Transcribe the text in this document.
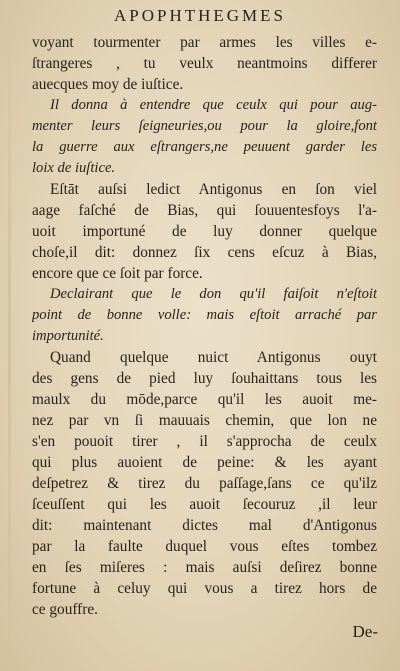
APOPHTHEGMES
voyant tourmenter par armes les villes e-
ſtrangeres , tu veulx neantmoins differer
auecques moy de iuſtice.
Il donna à entendre que ceulx qui pour aug-
menter leurs ſeigneuries,ou pour la gloire,font
la guerre aux eſtrangers,ne peuuent garder les
loix de iuſtice.
Eſtāt auſsi ledict Antigonus en ſon viel
aage faſché de Bias, qui ſouuentesfoys l'a-
uoit importuné de luy donner quelque
choſe,il dit: donnez ſix cens eſcuz à Bias,
encore que ce ſoit par force.
Declairant que le don qu'il faiſoit n'eſtoit
point de bonne volle: mais eſtoit arraché par
importunité.
Quand quelque nuict Antigonus ouyt
des gens de pied luy ſouhaittans tous les
maulx du mōde,parce qu'il les auoit me-
nez par vn ſi mauuais chemin, que lon ne
s'en pouoit tirer , il s'approcha de ceulx
qui plus auoient de peine: & les ayant
deſpetrez & tirez du paſſage,ſans ce qu'ilz
ſceuſſent qui les auoit ſecouruz ,il leur
dit: maintenant dictes mal d'Antigonus
par la faulte duquel vous eſtes tombez
en ſes miſeres : mais auſsi deſirez bonne
fortune à celuy qui vous a tirez hors de
ce gouffre.
De-
